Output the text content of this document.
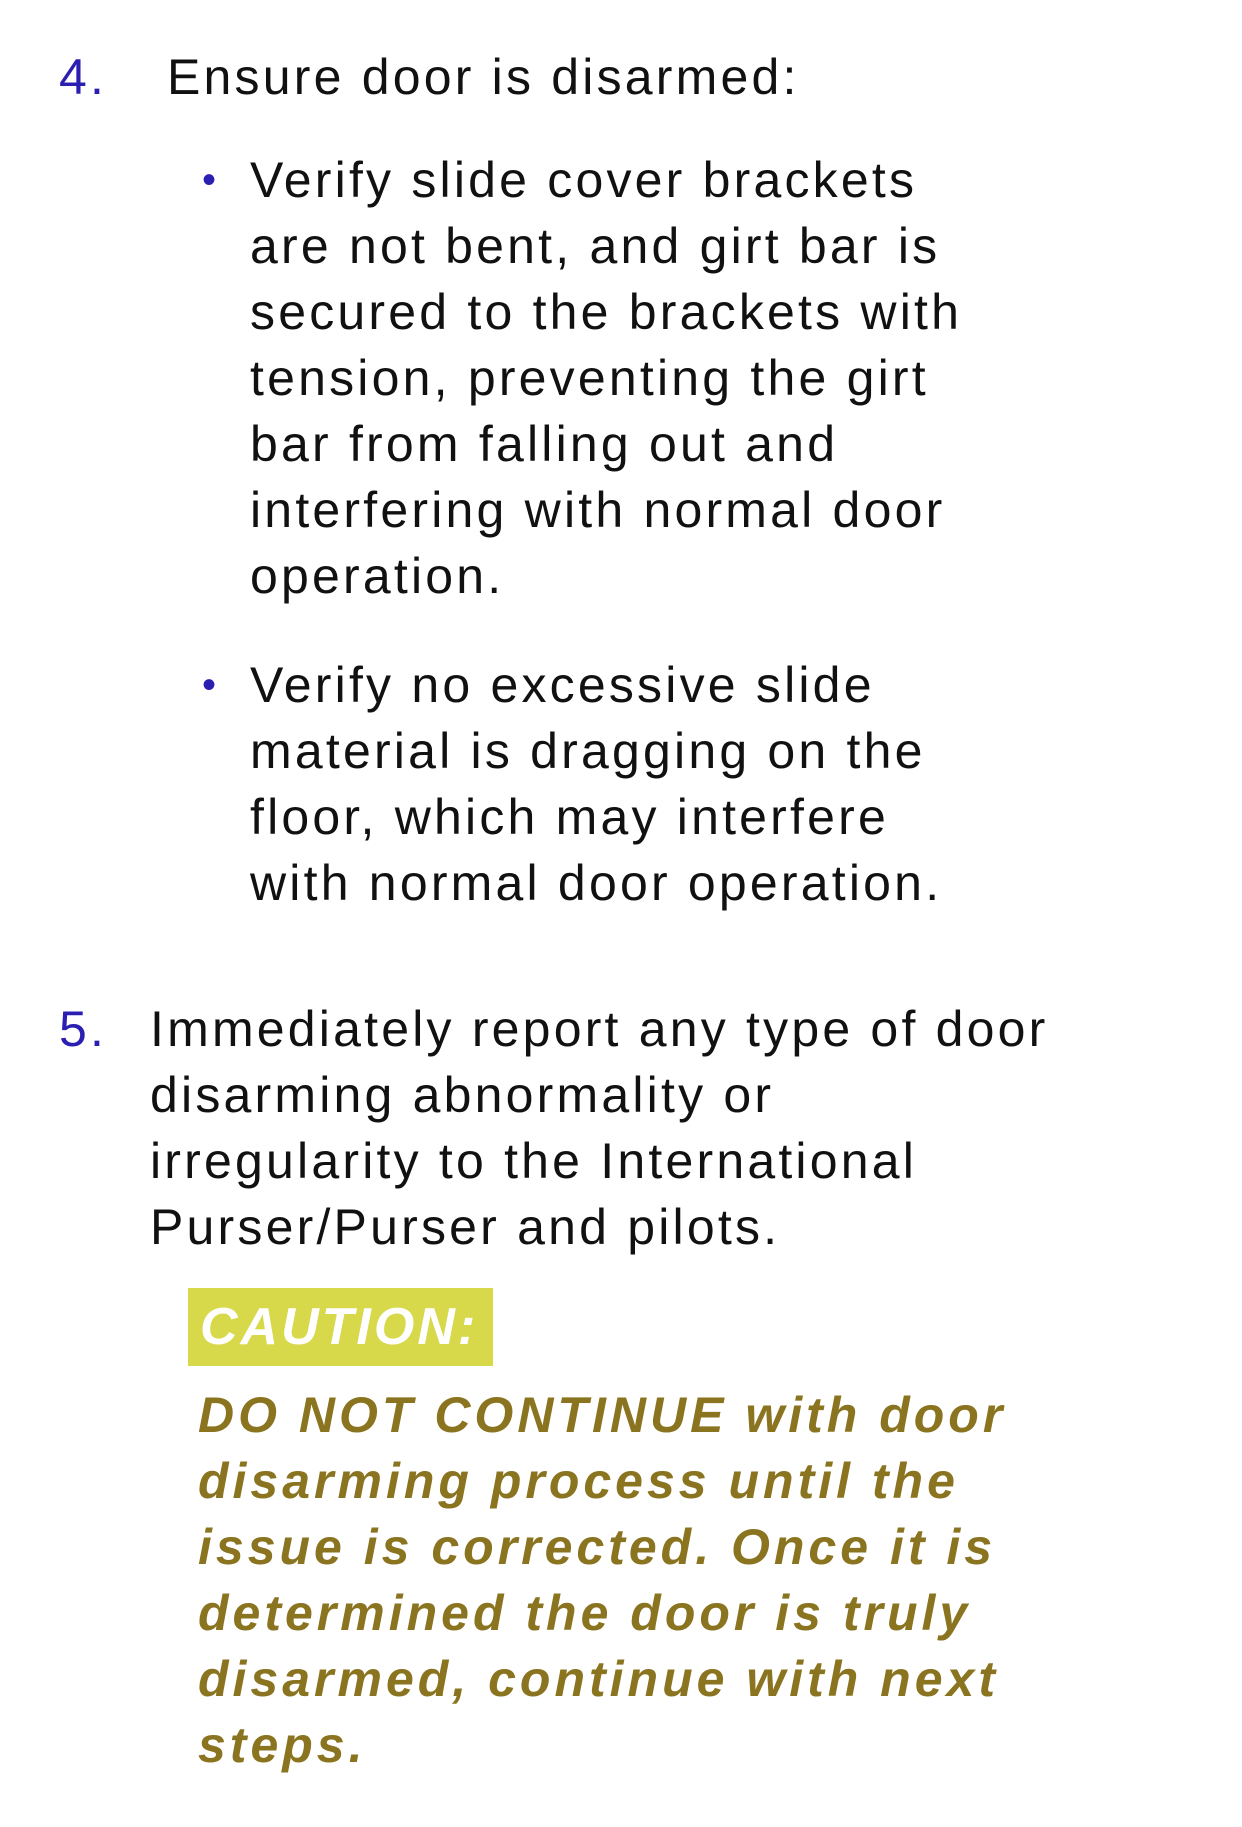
4. Ensure door is disarmed:
• Verify slide cover brackets
are not bent, and girt bar is
secured to the brackets with
tension, preventing the girt
bar from falling out and
interfering with normal door
operation.
• Verify no excessive slide
material is dragging on the
floor, which may interfere
with normal door operation.
5. Immediately report any type of door
disarming abnormality or
irregularity to the International
Purser/Purser and pilots.
CAUTION:
DO NOT CONTINUE with door
disarming process until the
issue is corrected. Once it is
determined the door is truly
disarmed, continue with next
steps.
